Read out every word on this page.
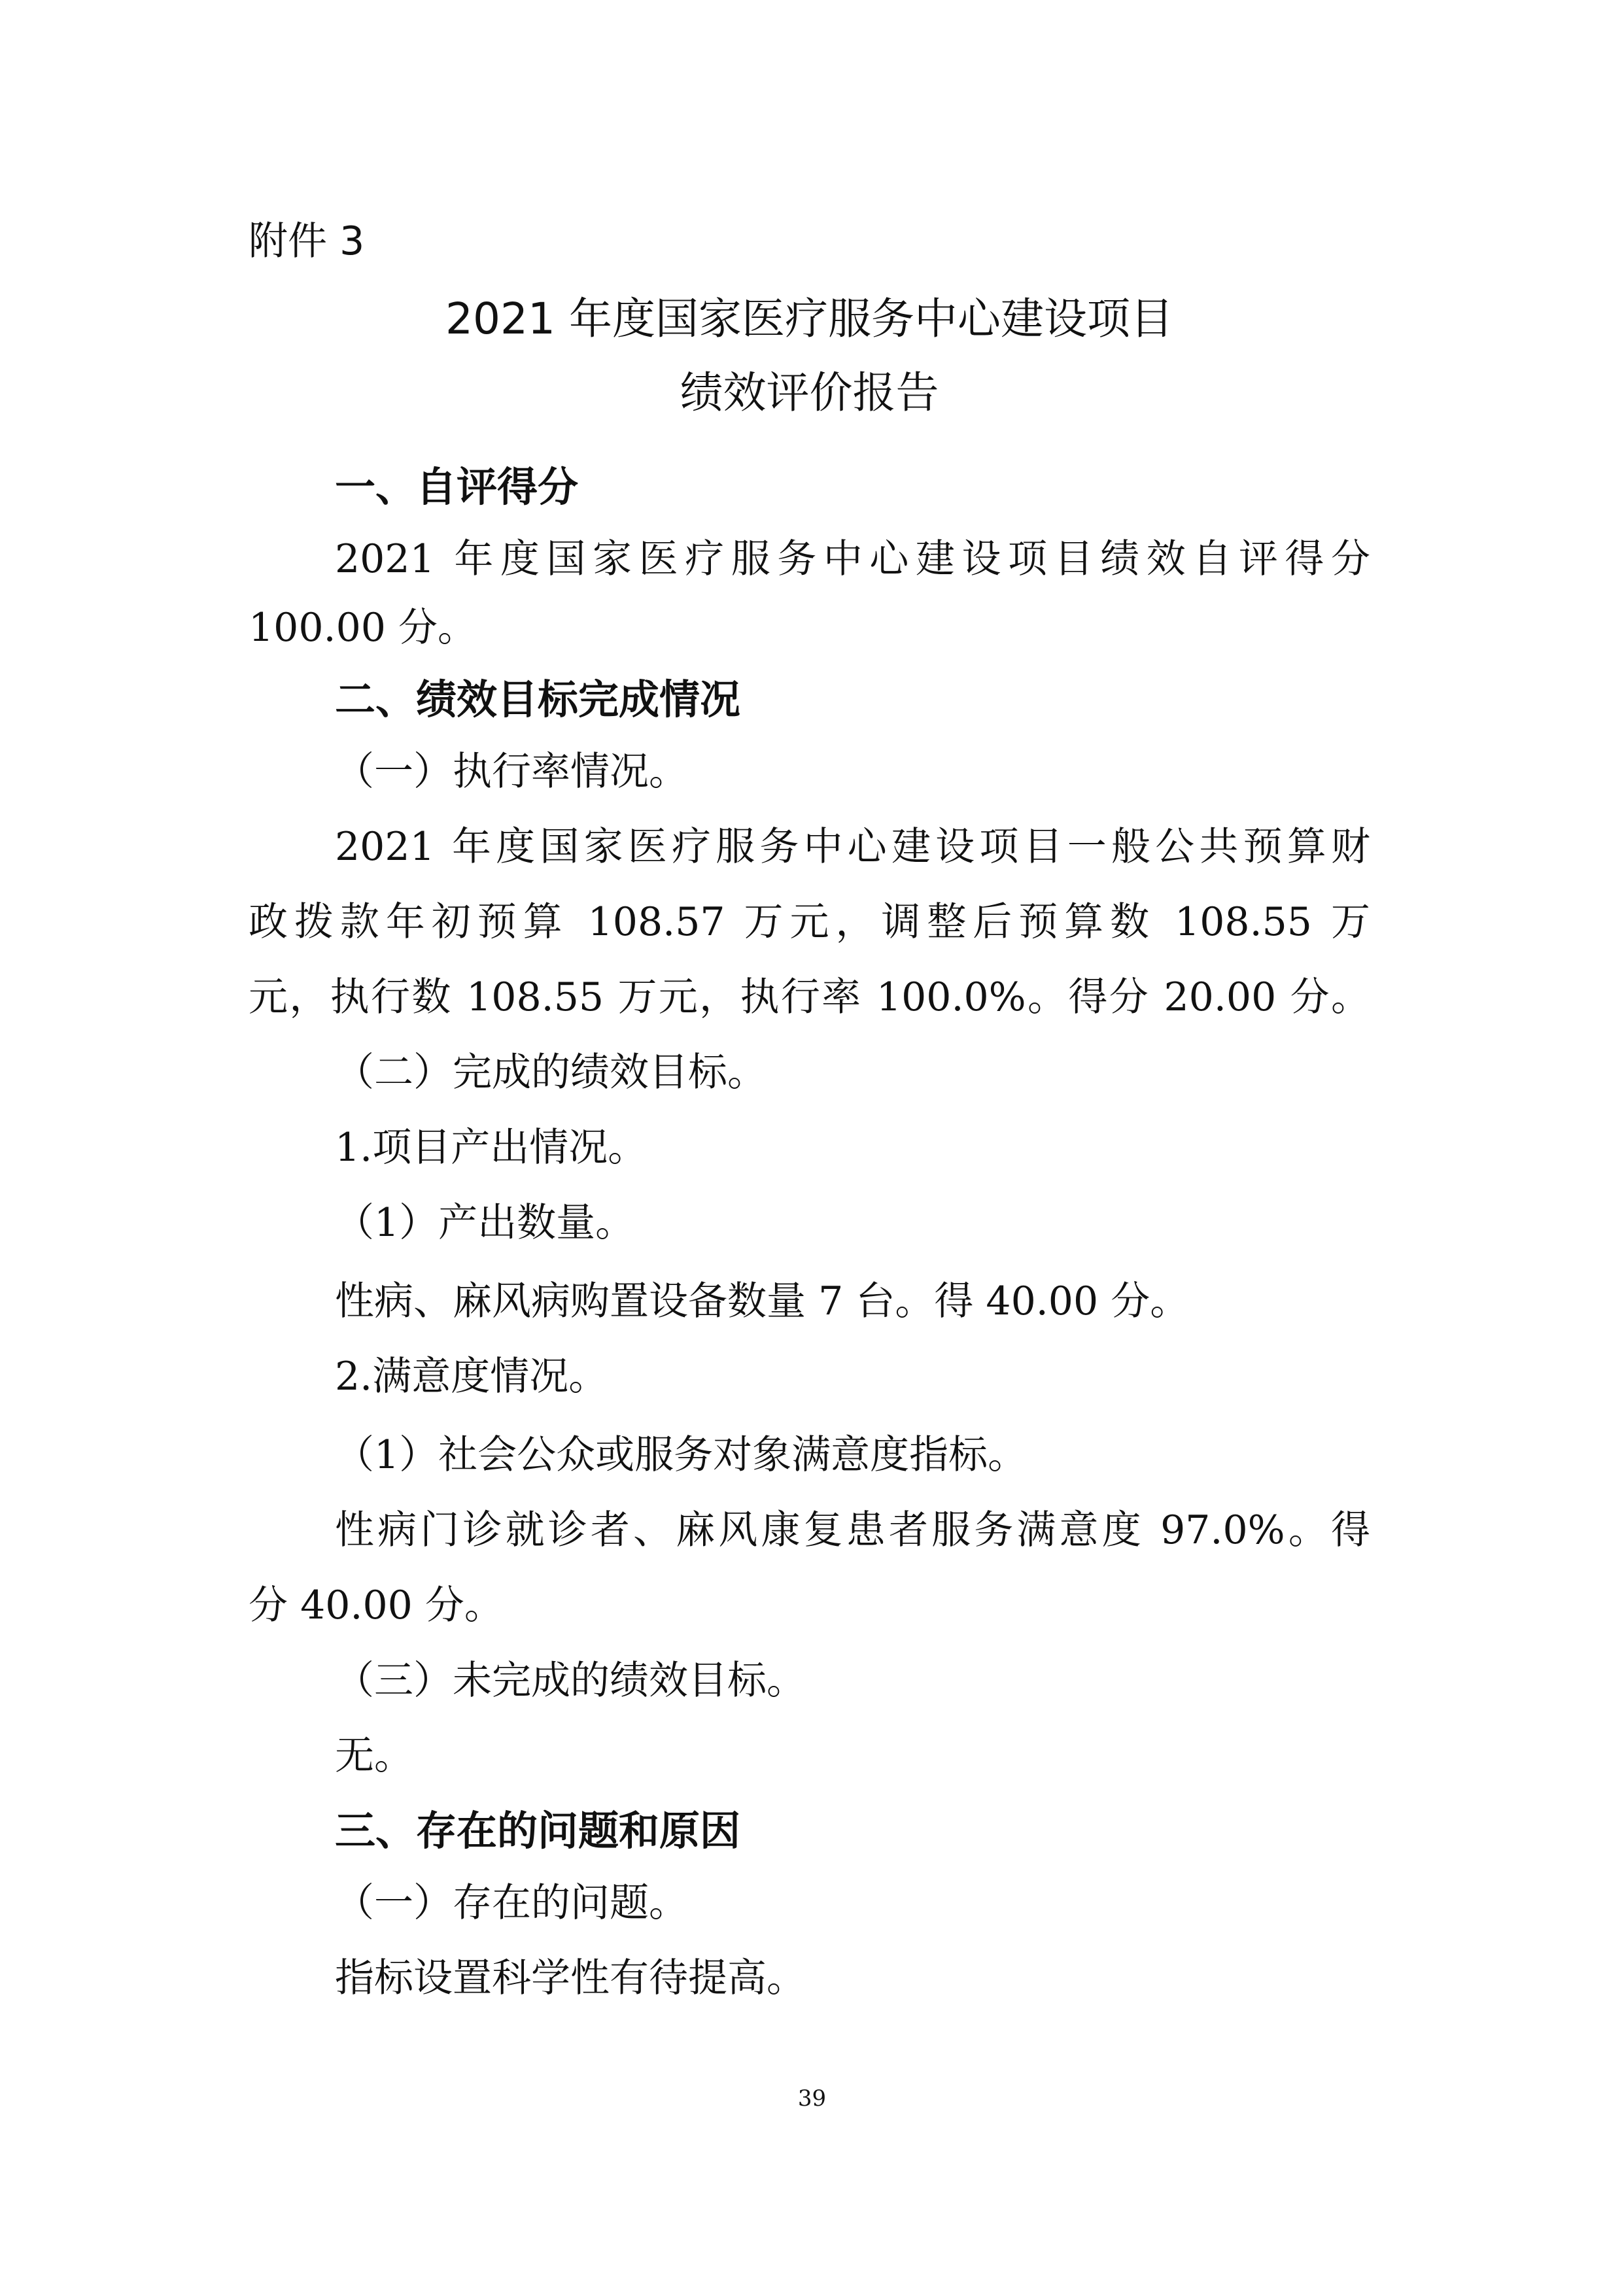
附件 3

2021 年度国家医疗服务中心建设项目

绩效评价报告

一、自评得分

2021 年度国家医疗服务中心建设项目绩效自评得分

100.00 分。

二、绩效目标完成情况

（一）执行率情况。

2021 年度国家医疗服务中心建设项目一般公共预算财

政拨款年初预算 108.57 万元，调整后预算数 108.55 万

元，执行数 108.55 万元，执行率 100.0%。得分 20.00 分。

（二）完成的绩效目标。

1.项目产出情况。

（1）产出数量。

性病、麻风病购置设备数量 7 台。得 40.00 分。

2.满意度情况。

（1）社会公众或服务对象满意度指标。

性病门诊就诊者、麻风康复患者服务满意度 97.0%。得

分 40.00 分。

（三）未完成的绩效目标。

无。

三、存在的问题和原因

（一）存在的问题。

指标设置科学性有待提高。

39
